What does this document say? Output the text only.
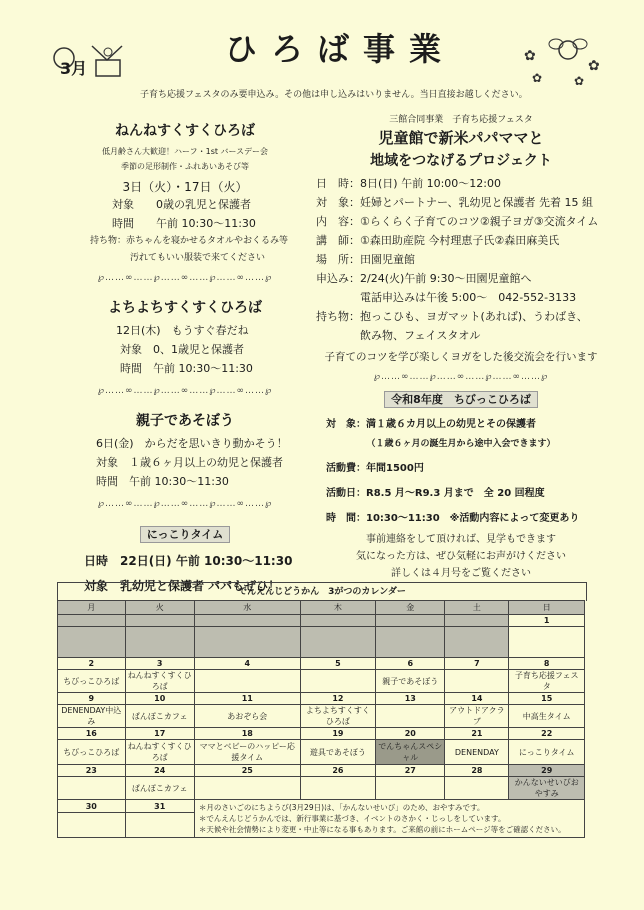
3月
ひろば事業	✿
✿
✿
✿
子育ち応援フェスタのみ要申込み。その他は申し込みはいりません。当日直接お越しください。
ねんねすくすくひろば
低月齢さん大歓迎！ハーフ・1st バースデー会
季節の足形制作・ふれあいあそび等
3日（火）・17日（火）
対象　　0歳の乳児と保護者
時間　　午前 10:30～11:30
持ち物：赤ちゃんを寝かせるタオルやおくるみ等
汚れてもいい服装で来てください
℘……∞……℘……∞……℘……∞……℘
よちよちすくすくひろば
12日(木)　もうすぐ春だね
対象　0、1歳児と保護者
時間　午前 10:30～11:30
℘……∞……℘……∞……℘……∞……℘
親子であそぼう
6日(金)　からだを思いきり動かそう！
対象　１歳６ヶ月以上の幼児と保護者
時間　午前 10:30～11:30
℘……∞……℘……∞……℘……∞……℘
にっこりタイム
日時　22日(日) 午前 10:30～11:30
対象　乳幼児と保護者 パパもぜひ！
三館合同事業　子育ち応援フェスタ
児童館で新米パパママと
地域をつなげるプロジェクト
日　時：8日(日) 午前 10:00～12:00
対　象：妊婦とパートナー、乳幼児と保護者 先着 15 組
内　容：①らくらく子育てのコツ②親子ヨガ③交流タイム
講　師：①森田助産院 今村理恵子氏②森田麻美氏
場　所：田園児童館
申込み：2/24(火)午前 9:30～田園児童館へ
　　　　電話申込みは午後 5:00～　042-552-3133
持ち物：抱っこひも、ヨガマット(あれば)、うわばき、
　　　　飲み物、フェイスタオル
子育てのコツを学び楽しくヨガをした後交流会を行います
℘……∞……℘……∞……℘……∞……℘
令和8年度　ちびっこひろば
対　象：満１歳６カ月以上の幼児とその保護者
（１歳６ヶ月の誕生月から途中入会できます）
活動費：年間1500円
活動日：R8.5 月～R9.3 月まで　全 20 回程度
時　間：10:30～11:30　※活動内容によって変更あり
事前連絡をして頂ければ、見学もできます
気になった方は、ぜひ気軽にお声がけください
詳しくは４月号をご覧ください
でんえんじどうかん　3がつのカレンダー
月	火	水	木	金	土	日
						1

2	3	4	5	6	7	8
ちびっこひろば	ねんねすくすくひろば			親子であそぼう		子育ち応援フェスタ
9	10	11	12	13	14	15
DENENDAY中込み	ぱんぽこカフェ	あおぞら会	よちよちすくすくひろば		アウトドアクラブ	中高生タイム
16	17	18	19	20	21	22
ちびっこひろば	ねんねすくすくひろば	ママとベビーのハッピー応援タイム	遊具であそぼう	でんちゃんスペシャル	DENENDAY	にっこりタイム
23	24	25	26	27	28	29
	ぱんぽこカフェ					かんないせいびおやすみ
30	31	＊月のさいごのにちようび(3月29日)は、「かんないせいび」のため、おやすみです。
＊でんえんじどうかんでは、新行事業に基づき、イベントのさかく・じっしをしています。
＊天候や社会情勢により変更・中止等になる事もあります。ご来館の前にホームページ等をご確認ください。				
